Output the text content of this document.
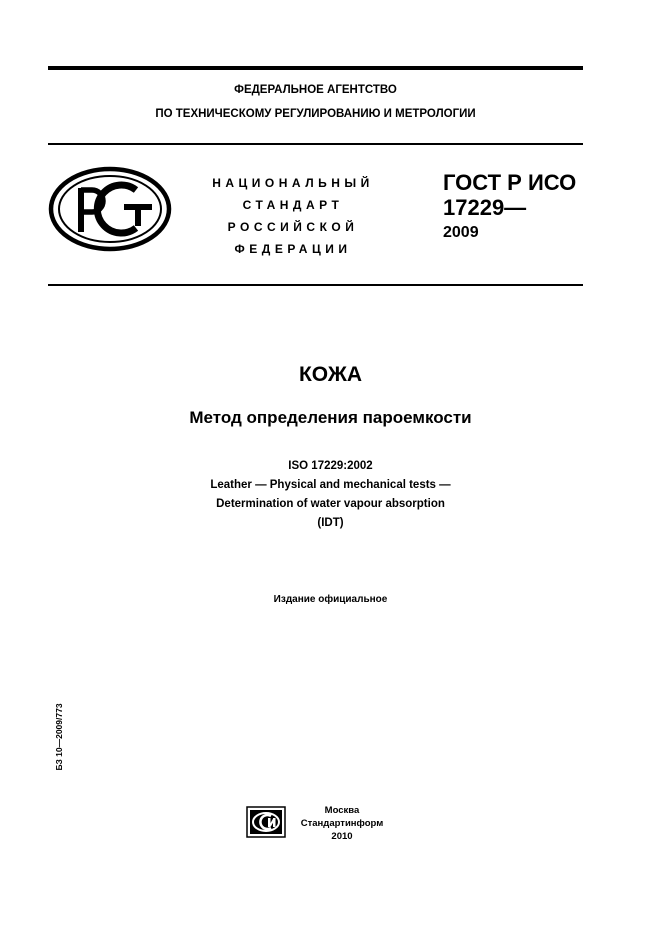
ФЕДЕРАЛЬНОЕ АГЕНТСТВО
ПО ТЕХНИЧЕСКОМУ РЕГУЛИРОВАНИЮ И МЕТРОЛОГИИ
НАЦИОНАЛЬНЫЙ
СТАНДАРТ
РОССИЙСКОЙ
ФЕДЕРАЦИИ
ГОСТ Р ИСО
17229—
2009
КОЖА
Метод определения пароемкости
ISO 17229:2002
Leather — Physical and mechanical tests —
Determination of water vapour absorption
(IDT)
Издание официальное
БЗ 10—2009/773
Москва
Стандартинформ
2010
